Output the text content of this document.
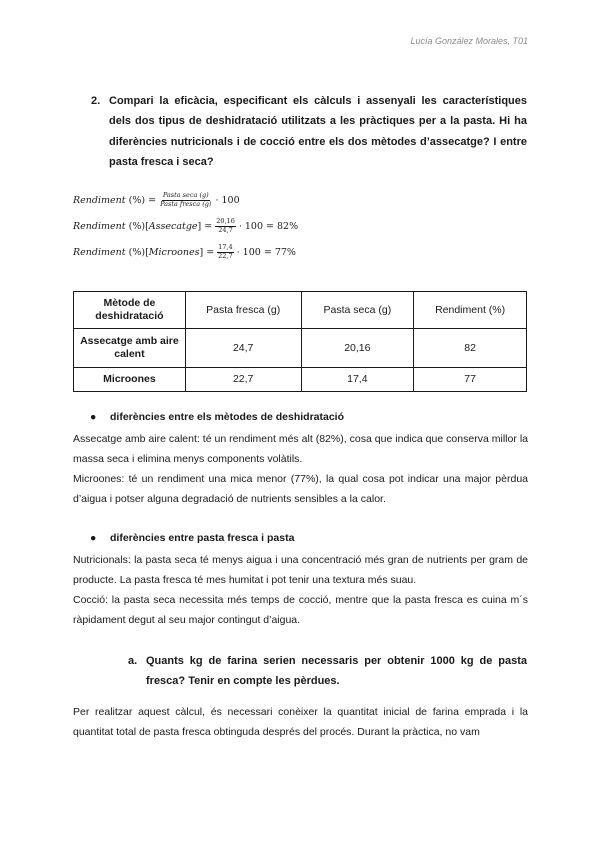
Lucía González Morales, T01
2. Compari la eficàcia, especificant els càlculs i assenyali les característiques dels dos tipus de deshidratació utilitzats a les pràctiques per a la pasta. Hi ha diferències nutricionals i de cocció entre els dos mètodes d’assecatge? I entre pasta fresca i seca?
Rendiment
(%)
= $\frac{\text{Pasta seca (g)}}{\text{Pasta fresca (g)}} \cdot 100$
Rendiment
(%)[ Assecatge ] = $\frac{20,16}{24,7} \cdot 100$ =
82%
Rendiment
(%)[ Microones ] = $\frac{17,4}{22,7} \cdot 100$ =
77%
Mètode de deshidratació	Pasta fresca (g)	Pasta seca (g)	Rendiment (%)
Assecatge amb aire calent	24,7	20,16	82
Microones	22,7	17,4	77
● diferències entre els mètodes de deshidratació
Assecatge amb aire calent: té un rendiment més alt (82%), cosa que indica que conserva millor la massa seca i elimina menys components volàtils.
Microones: té un rendiment una mica menor (77%), la qual cosa pot indicar una major pèrdua d’aigua i potser alguna degradació de nutrients sensibles a la calor.
● diferències entre pasta fresca i pasta
Nutricionals: la pasta seca té menys aigua i una concentració més gran de nutrients per gram de producte. La pasta fresca té mes humitat i pot tenir una textura més suau.
Cocció: la pasta seca necessita més temps de cocció, mentre que la pasta fresca es cuina m´s ràpidament degut al seu major contingut d’aigua.
a. Quants kg de farina serien necessaris per obtenir 1000 kg de pasta fresca? Tenir en compte les pèrdues.
Per realitzar aquest càlcul, és necessari conèixer la quantitat inicial de farina emprada i la quantitat total de pasta fresca obtinguda després del procés. Durant la pràctica, no vam
